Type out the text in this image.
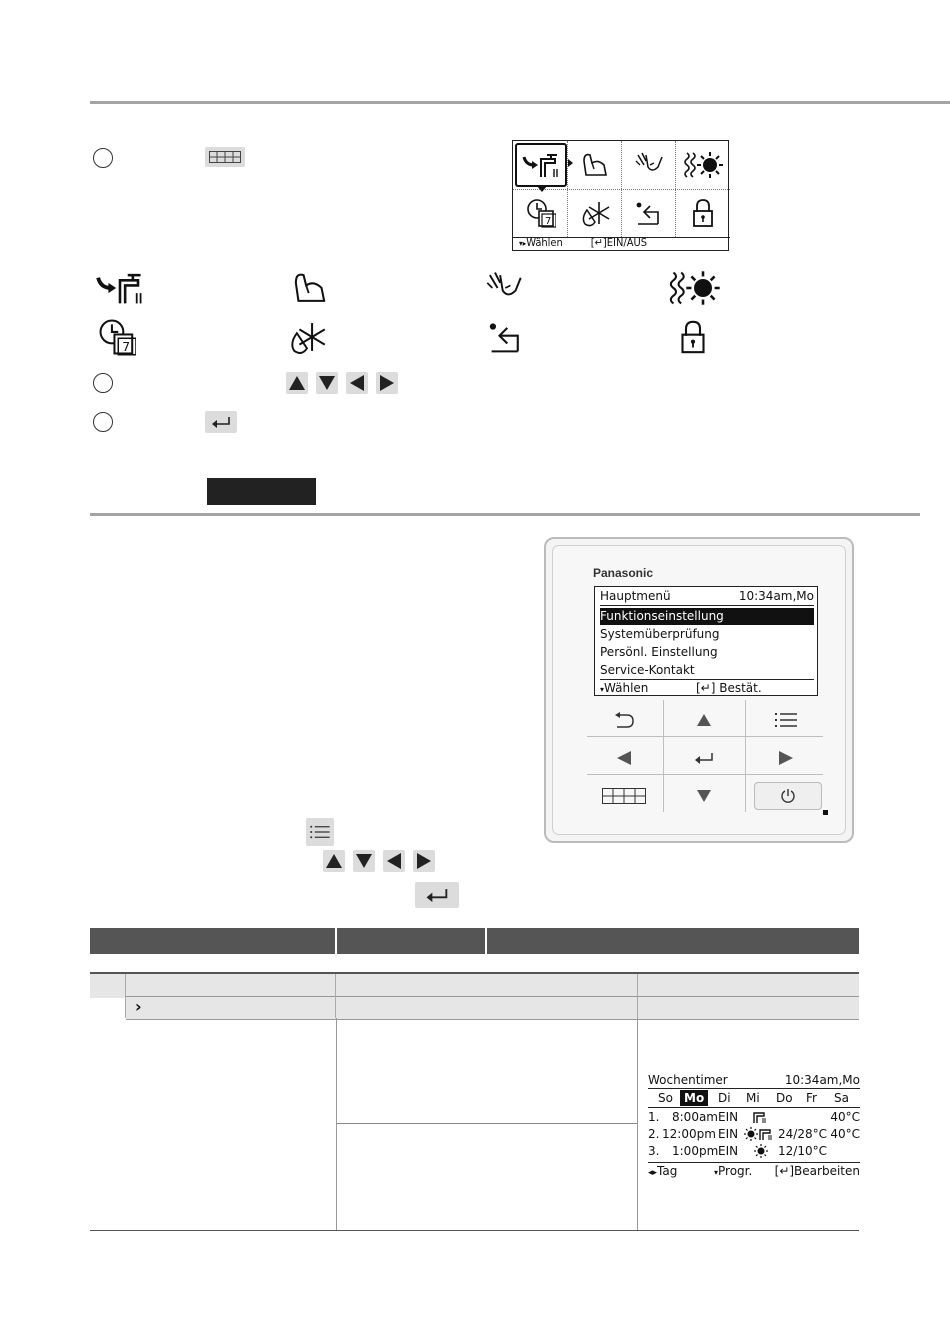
7
▾▸Wählen	[↵]EIN/AUS
7
Panasonic
Hauptmenü	10:34am,Mo
Funktionseinstellung
Systemüberprüfung
Persönl. Einstellung
Service-Kontakt
▾Wählen	[↵] Bestät.
›
Wochentimer	10:34am,Mo
So Mo	Di Mi Do Fr Sa
1. 8:00am EIN	40°C
2. 12:00pm EIN	24/28°C 40°C
3. 1:00pm EIN	12/10°C
◂▸Tag	▾Progr. [↵]Bearbeiten
